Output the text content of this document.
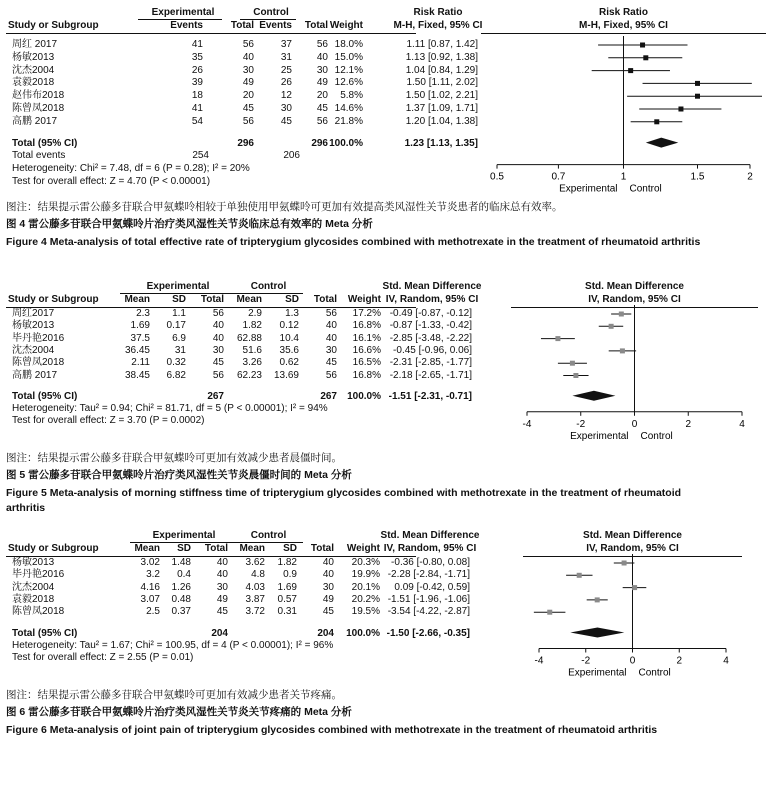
Experimental	Control	Risk Ratio	Risk Ratio
Study or Subgroup	Events	Total Events Total Weight	M-H, Fixed, 95% CI	M-H, Fixed, 95% CI
周红 2017	41	56	37 56 18.0%	1.11 [0.87, 1.42]
杨敏2013	35	40	31 40 15.0%	1.13 [0.92, 1.38]
沈杰2004	26	30	25 30 12.1%	1.04 [0.84, 1.29]
袁毅2018	39	49	26 49 12.6%	1.50 [1.11, 2.02]
赵伟布2018	18	20	12 20 5.8%	1.50 [1.02, 2.21]
陈曾凤2018	41	45	30 45 14.6%	1.37 [1.09, 1.71]
高鹏 2017	54	56	45 56 21.8%	1.20 [1.04, 1.38]
Total (95% CI)	296	296 100.0%	1.23 [1.13, 1.35]
Total events	254	206
Heterogeneity: Chi² = 7.48, df = 6 (P = 0.28); I² = 20%
Test for overall effect: Z = 4.70 (P < 0.00001)	0.5	0.7	1	1.5	2
Experimental Control
图注：结果提示雷公藤多苷联合甲氨蝶呤相较于单独使用甲氨蝶呤可更加有效提高类风湿性关节炎患者的临床总有效率。
图 4 雷公藤多苷联合甲氨蝶呤片治疗类风湿性关节炎临床总有效率的 Meta 分析
Figure 4 Meta-analysis of total effective rate of tripterygium glycosides combined with methotrexate in the treatment of rheumatoid arthritis
Experimental	Control	Std. Mean Difference	Std. Mean Difference
Study or Subgroup	Mean SD Total Mean SD Total Weight IV, Random, 95% CI	IV, Random, 95% CI
周红2017	2.3 1.1	56 2.9 1.3	56 17.2% -0.49 [-0.87, -0.12]
杨敏2013	1.69 0.17	40 1.82 0.12	40 16.8% -0.87 [-1.33, -0.42]
毕丹艳2016	37.5 6.9	40 62.88 10.4	40 16.1% -2.85 [-3.48, -2.22]
沈杰2004	36.45 31	30 51.6 35.6	30 16.6% -0.45 [-0.96, 0.06]
陈曾凤2018	2.11 0.32	45 3.26 0.62	45 16.5% -2.31 [-2.85, -1.77]
高鹏 2017	38.45 6.82	56 62.23 13.69	56 16.8% -2.18 [-2.65, -1.71]
Total (95% CI)	267	267 100.0% -1.51 [-2.31, -0.71]
Heterogeneity: Tau² = 0.94; Chi² = 81.71, df = 5 (P < 0.00001); I² = 94%
Test for overall effect: Z = 3.70 (P = 0.0002)	-4	-2	0	2	4
Experimental Control
图注：结果提示雷公藤多苷联合甲氨蝶呤可更加有效减少患者晨僵时间。
图 5 雷公藤多苷联合甲氨蝶呤片治疗类风湿性关节炎晨僵时间的 Meta 分析
Figure 5 Meta-analysis of morning stiffness time of tripterygium glycosides combined with methotrexate in the treatment of rheumatoid
arthritis
Experimental	Control	Std. Mean Difference	Std. Mean Difference
Study or Subgroup	Mean SD Total Mean SD Total Weight IV, Random, 95% CI	IV, Random, 95% CI
杨敏2013	3.02 1.48	40 3.62 1.82	40 20.3% -0.36 [-0.80, 0.08]
毕丹艳2016	3.2 0.4	40 4.8 0.9	40 19.9% -2.28 [-2.84, -1.71]
沈杰2004	4.16 1.26	30 4.03 1.69	30 20.1% 0.09 [-0.42, 0.59]
袁毅2018	3.07 0.48	49 3.87 0.57	49 20.2% -1.51 [-1.96, -1.06]
陈曾凤2018	2.5 0.37	45 3.72 0.31	45 19.5% -3.54 [-4.22, -2.87]
Total (95% CI)	204	204 100.0% -1.50 [-2.66, -0.35]
Heterogeneity: Tau² = 1.67; Chi² = 100.95, df = 4 (P < 0.00001); I² = 96%
Test for overall effect: Z = 2.55 (P = 0.01)	-4	-2	0	2	4
Experimental Control
图注：结果提示雷公藤多苷联合甲氨蝶呤可更加有效减少患者关节疼痛。
图 6 雷公藤多苷联合甲氨蝶呤片治疗类风湿性关节炎关节疼痛的 Meta 分析
Figure 6 Meta-analysis of joint pain of tripterygium glycosides combined with methotrexate in the treatment of rheumatoid arthritis
